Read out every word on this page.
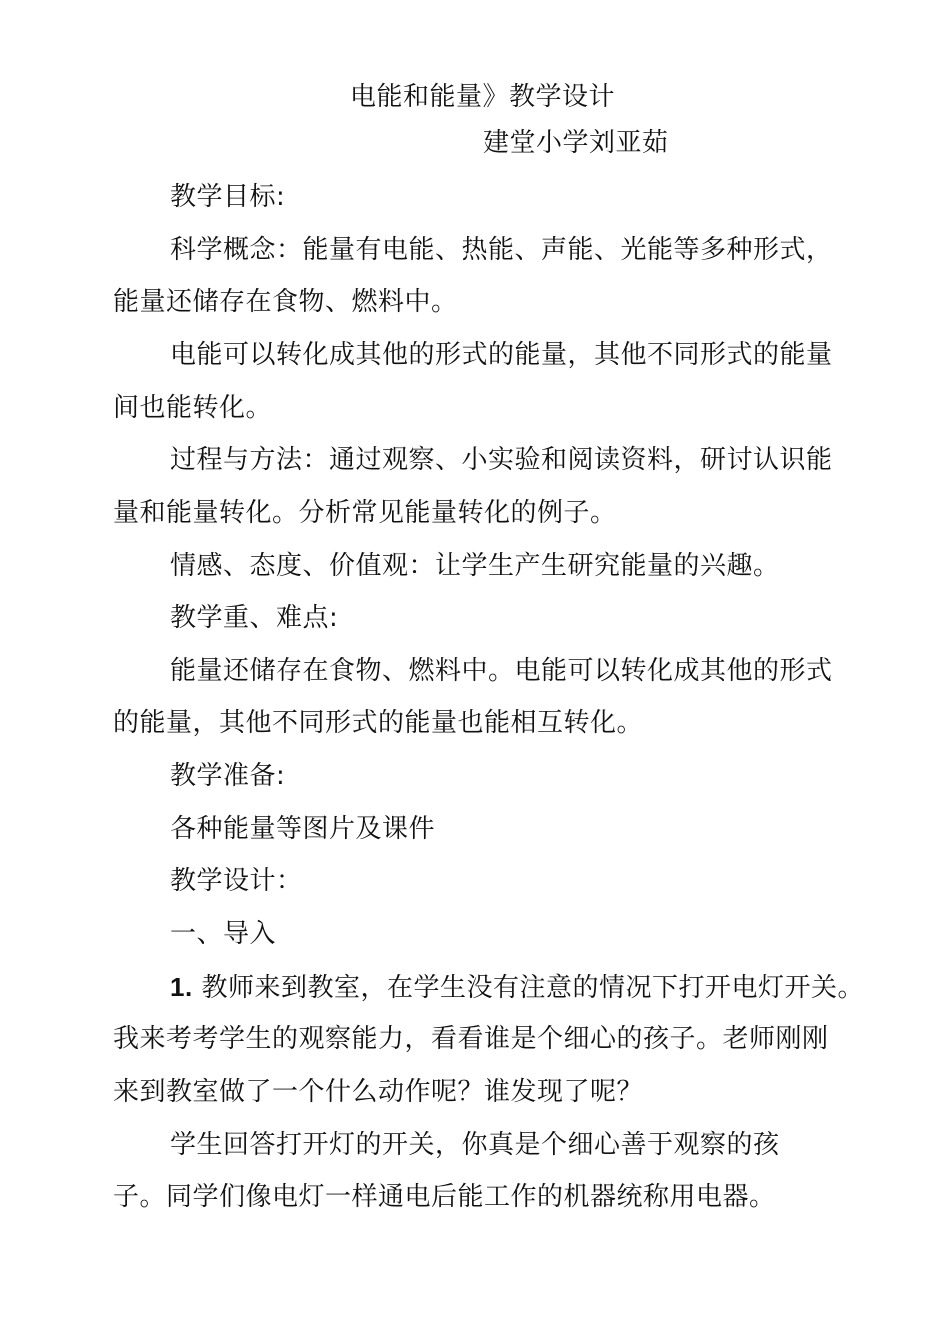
电能和能量》教学设计
建堂小学刘亚茹
教学目标:
科学概念：能量有电能、热能、声能、光能等多种形式，
能量还储存在食物、燃料中。
电能可以转化成其他的形式的能量，其他不同形式的能量
间也能转化。
过程与方法：通过观察、小实验和阅读资料，研讨认识能
量和能量转化。分析常见能量转化的例子。
情感、态度、价值观：让学生产生研究能量的兴趣。
教学重、难点:
能量还储存在食物、燃料中。电能可以转化成其他的形式
的能量，其他不同形式的能量也能相互转化。
教学准备:
各种能量等图片及课件
教学设计：
一、导入
1. 教师来到教室，在学生没有注意的情况下打开电灯开关。
我来考考学生的观察能力，看看谁是个细心的孩子。老师刚刚
来到教室做了一个什么动作呢？谁发现了呢？
学生回答打开灯的开关，你真是个细心善于观察的孩
子。同学们像电灯一样通电后能工作的机器统称用电器。
